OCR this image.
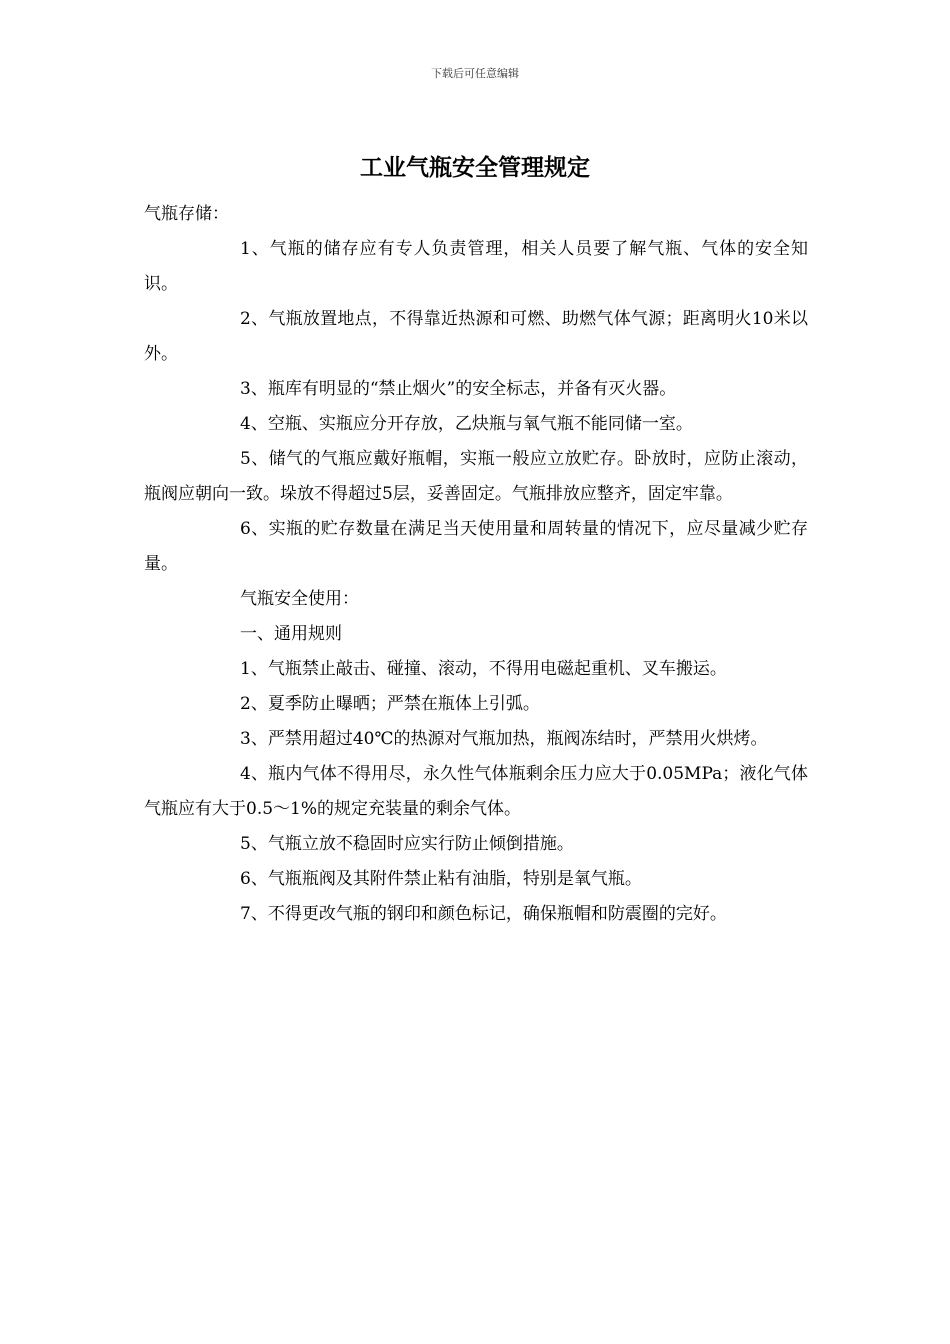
下载后可任意编辑
工业气瓶安全管理规定

气瓶存储：

1、气瓶的储存应有专人负责管理，相关人员要了解气瓶、气体的安全知识。

2、气瓶放置地点，不得靠近热源和可燃、助燃气体气源；距离明火10米以外。

3、瓶库有明显的“禁止烟火”的安全标志，并备有灭火器。

4、空瓶、实瓶应分开存放，乙炔瓶与氧气瓶不能同储一室。

5、储气的气瓶应戴好瓶帽，实瓶一般应立放贮存。卧放时，应防止滚动，瓶阀应朝向一致。垛放不得超过5层，妥善固定。气瓶排放应整齐，固定牢靠。

6、实瓶的贮存数量在满足当天使用量和周转量的情况下，应尽量减少贮存量。

气瓶安全使用：

一、通用规则

1、气瓶禁止敲击、碰撞、滚动，不得用电磁起重机、叉车搬运。

2、夏季防止曝晒；严禁在瓶体上引弧。

3、严禁用超过40℃的热源对气瓶加热，瓶阀冻结时，严禁用火烘烤。

4、瓶内气体不得用尽，永久性气体瓶剩余压力应大于0.05MPa；液化气体气瓶应有大于0.5～1%的规定充装量的剩余气体。

5、气瓶立放不稳固时应实行防止倾倒措施。

6、气瓶瓶阀及其附件禁止粘有油脂，特别是氧气瓶。

7、不得更改气瓶的钢印和颜色标记，确保瓶帽和防震圈的完好。
